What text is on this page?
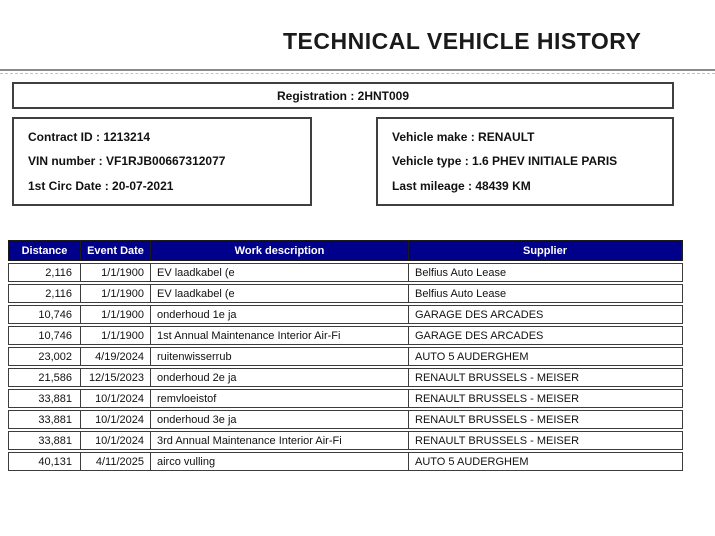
TECHNICAL VEHICLE HISTORY
Registration : 2HNT009
Contract ID : 1213214
VIN number : VF1RJB00667312077
1st Circ Date : 20-07-2021
Vehicle make : RENAULT
Vehicle type : 1.6 PHEV INITIALE PARIS
Last mileage : 48439 KM
Distance	Event Date	Work description	Supplier
2,116	1/1/1900	EV laadkabel (e	Belfius Auto Lease
2,116	1/1/1900	EV laadkabel (e	Belfius Auto Lease
10,746	1/1/1900	onderhoud 1e ja	GARAGE DES ARCADES
10,746	1/1/1900	1st Annual Maintenance Interior Air-Fi	GARAGE DES ARCADES
23,002	4/19/2024	ruitenwisserrub	AUTO 5 AUDERGHEM
21,586	12/15/2023	onderhoud 2e ja	RENAULT BRUSSELS - MEISER
33,881	10/1/2024	remvloeistof	RENAULT BRUSSELS - MEISER
33,881	10/1/2024	onderhoud 3e ja	RENAULT BRUSSELS - MEISER
33,881	10/1/2024	3rd Annual Maintenance Interior Air-Fi	RENAULT BRUSSELS - MEISER
40,131	4/11/2025	airco vulling	AUTO 5 AUDERGHEM
